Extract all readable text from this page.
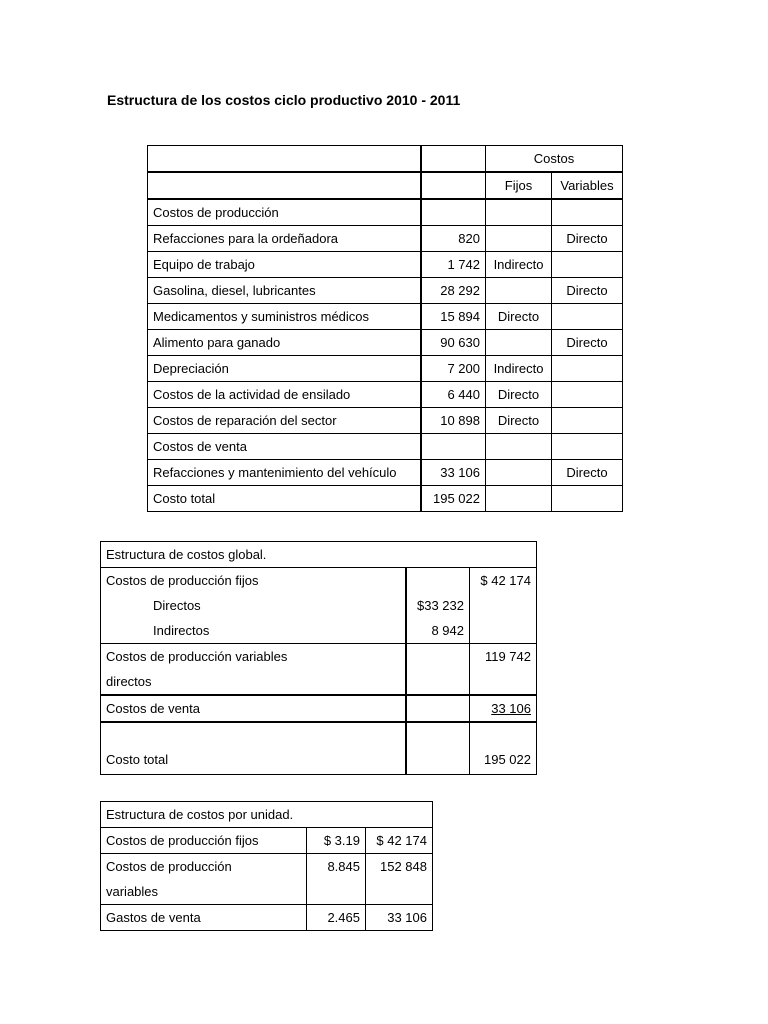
Estructura de los costos ciclo productivo 2010 - 2011
		Costos	
		Fijos	Variables
Costos de producción			
Refacciones para la ordeñadora	820		Directo
Equipo de trabajo	1 742	Indirecto	
Gasolina, diesel, lubricantes	28 292		Directo
Medicamentos y suministros médicos	15 894	Directo	
Alimento para ganado	90 630		Directo
Depreciación	7 200	Indirecto	
Costos de la actividad de ensilado	6 440	Directo	
Costos de reparación del sector	10 898	Directo	
Costos de venta			
Refacciones y mantenimiento del vehículo	33 106		Directo
Costo total	195 022		
Estructura de costos global.		
Costos de producción fijos		$ 42 174
Directos	$33 232	
Indirectos	8 942	
Costos de producción variables
directos		119 742
Costos de venta		33 106
Costo total		195 022
Estructura de costos por unidad.		
Costos de producción fijos	$ 3.19	$ 42 174
Costos de producción
variables	8.845	152 848
Gastos de venta	2.465	33 106
